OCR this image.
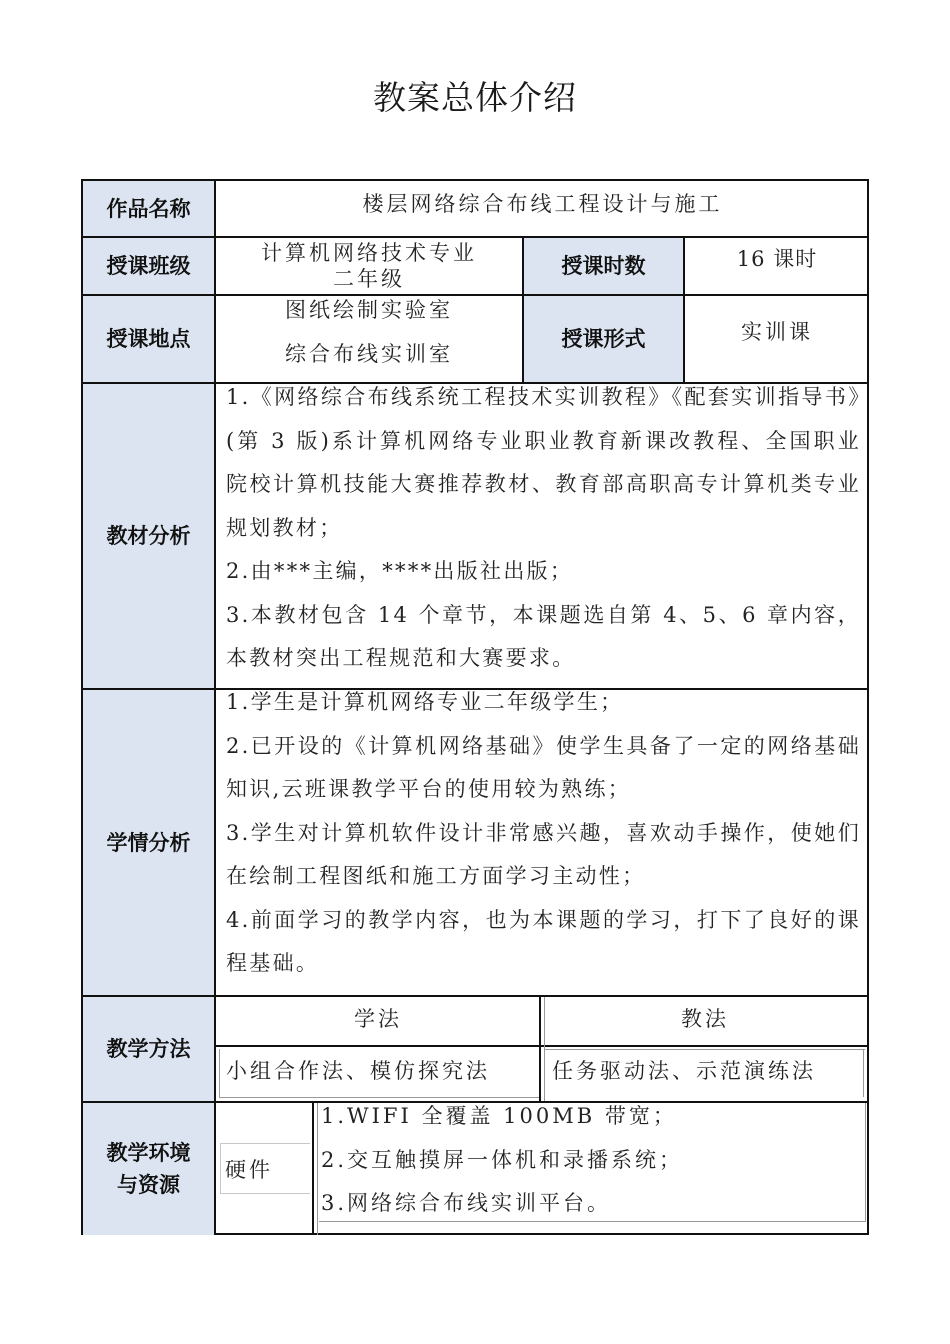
教案总体介绍
作品名称
授课班级
授课地点
教材分析
学情分析
教学方法
教学环境
与资源
授课时数
授课形式
楼层网络综合布线工程设计与施工
计算机网络技术专业
二年级
16 课时
图纸绘制实验室
综合布线实训室
实训课

1.《网络综合布线系统工程技术实训教程》《配套实训指导书》(第 3 版)系计算机网络专业职业教育新课改教程、全国职业院校计算机技能大赛推荐教材、教育部高职高专计算机类专业规划教材；

2.由***主编，****出版社出版；

3.本教材包含 14 个章节，本课题选自第 4、5、6 章内容，本教材突出工程规范和大赛要求。

1.学生是计算机网络专业二年级学生；

2.已开设的《计算机网络基础》使学生具备了一定的网络基础知识,云班课教学平台的使用较为熟练；

3.学生对计算机软件设计非常感兴趣，喜欢动手操作，使她们在绘制工程图纸和施工方面学习主动性；

4.前面学习的教学内容，也为本课题的学习，打下了良好的课程基础。

学法	教法
小组合作法、模仿探究法	任务驱动法、示范演练法
硬件

1.WIFI 全覆盖 100MB 带宽；

2.交互触摸屏一体机和录播系统；

3.网络综合布线实训平台。
